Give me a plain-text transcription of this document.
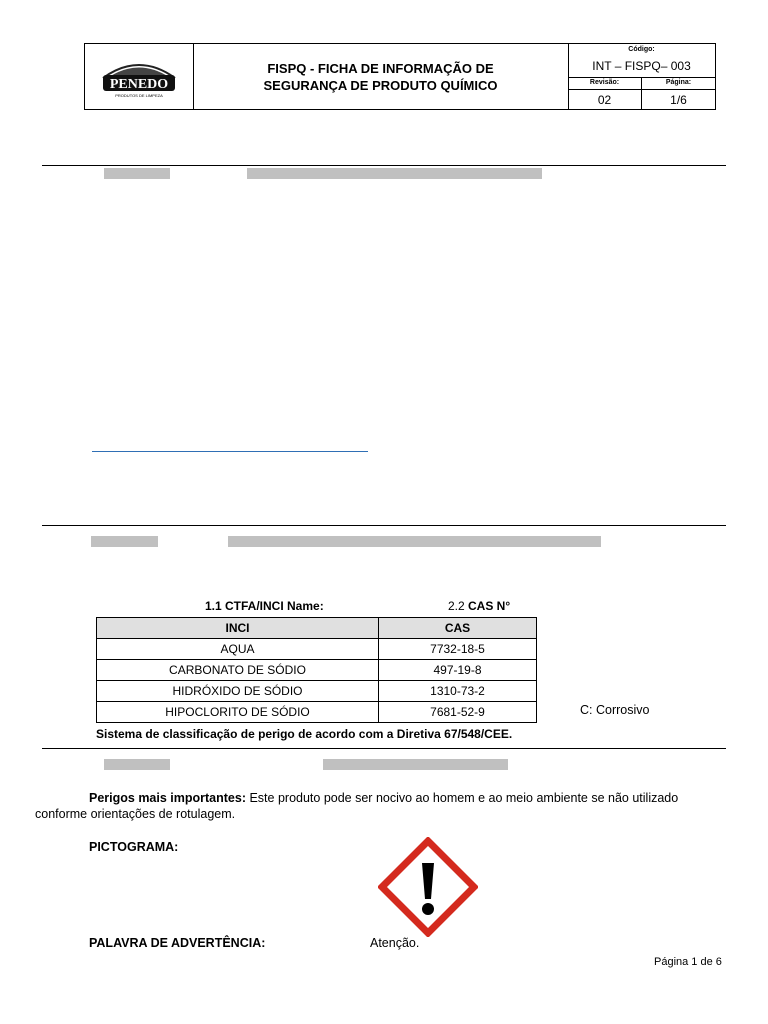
PENEDO
PRODUTOS DE LIMPEZA
FISPQ - FICHA DE INFORMAÇÃO DE
SEGURANÇA DE PRODUTO QUÍMICO
Código:
INT – FISPQ– 003
Revisão:
02
Página:
1/6
1.1 CTFA/INCI Name:	2.2 CAS N°
INCI	CAS
AQUA	7732-18-5
CARBONATO DE SÓDIO	497-19-8
HIDRÓXIDO DE SÓDIO	1310-73-2
HIPOCLORITO DE SÓDIO	7681-52-9	C: Corrosivo
Sistema de classificação de perigo de acordo com a Diretiva 67/548/CEE.
Perigos mais importantes: Este produto pode ser nocivo ao homem e ao meio ambiente se não utilizado
conforme orientações de rotulagem.
PICTOGRAMA:
PALAVRA DE ADVERTÊNCIA:	Atenção.
Página 1 de 6
